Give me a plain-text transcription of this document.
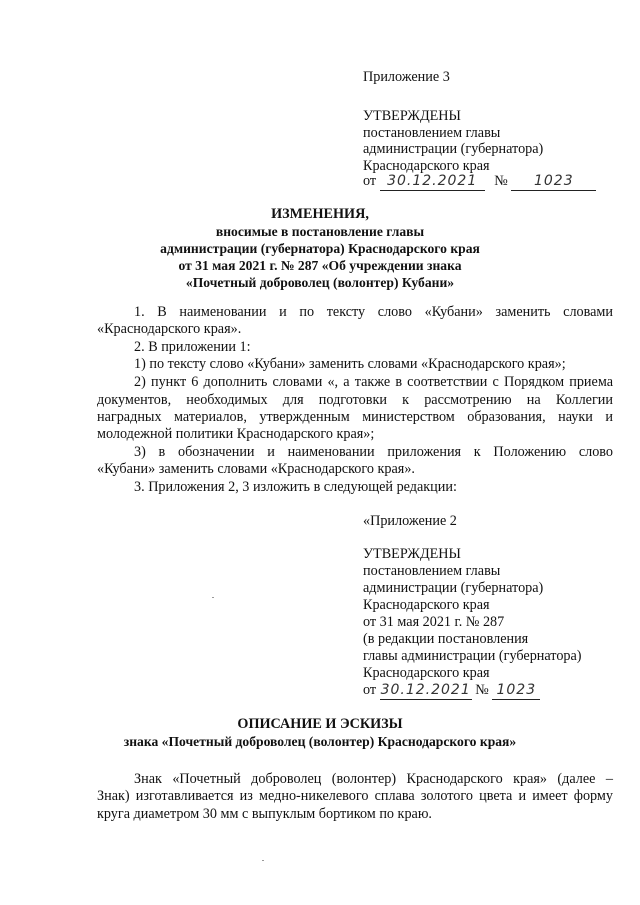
Приложение 3
УТВЕРЖДЕНЫ
постановлением главы
администрации (губернатора)
Краснодарского края
от 30.12.2021 № 1023
ИЗМЕНЕНИЯ,
вносимые в постановление главы
администрации (губернатора) Краснодарского края
от 31 мая 2021 г. № 287 «Об учреждении знака
«Почетный доброволец (волонтер) Кубани»
1. В наименовании и по тексту слово «Кубани» заменить словами
«Краснодарского края».
2. В приложении 1:
1) по тексту слово «Кубани» заменить словами «Краснодарского края»;
2) пункт 6 дополнить словами «, а также в соответствии с Порядком приема
документов, необходимых для подготовки к рассмотрению на Коллегии
наградных материалов, утвержденным министерством образования, науки и
молодежной политики Краснодарского края»;
3) в обозначении и наименовании приложения к Положению слово
«Кубани» заменить словами «Краснодарского края».
3. Приложения 2, 3 изложить в следующей редакции:
«Приложение 2
УТВЕРЖДЕНЫ
постановлением главы
администрации (губернатора)
Краснодарского края
от 31 мая 2021 г. № 287
(в редакции постановления
главы администрации (губернатора)
Краснодарского края
от 30.12.2021 № 1023
ОПИСАНИЕ И ЭСКИЗЫ
знака «Почетный доброволец (волонтер) Краснодарского края»
Знак «Почетный доброволец (волонтер) Краснодарского края» (далее –
Знак) изготавливается из медно-никелевого сплава золотого цвета и имеет форму
круга диаметром 30 мм с выпуклым бортиком по краю.
